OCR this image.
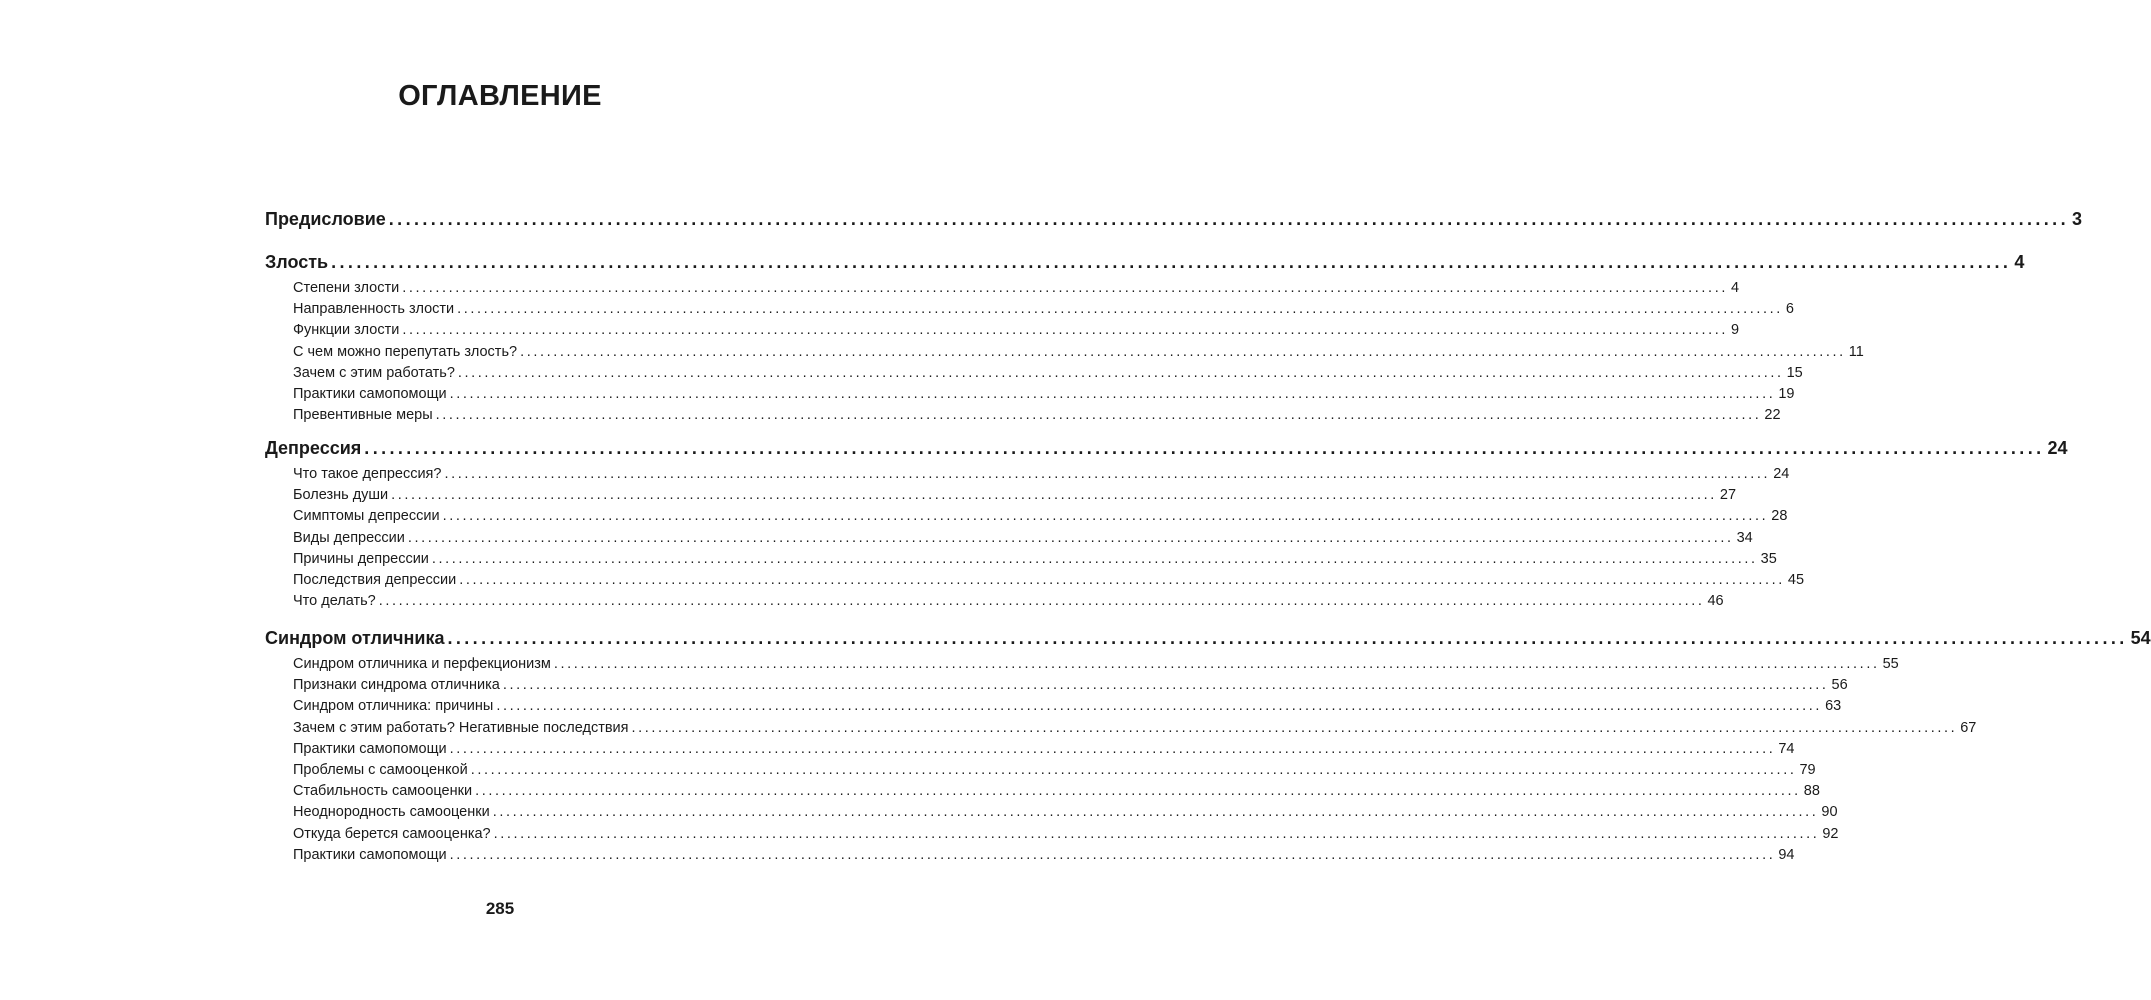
ОГЛАВЛЕНИЕ
Предисловие ........................................................................................................................................................................................................ 3
Злость ........................................................................................................................................................................................................ 4
Степени злости ........................................................................................................................................................................................................ 4
Направленность злости ........................................................................................................................................................................................................ 6
Функции злости ........................................................................................................................................................................................................ 9
С чем можно перепутать злость? ........................................................................................................................................................................................................ 11
Зачем с этим работать? ........................................................................................................................................................................................................ 15
Практики самопомощи ........................................................................................................................................................................................................ 19
Превентивные меры ........................................................................................................................................................................................................ 22
Депрессия ........................................................................................................................................................................................................ 24
Что такое депрессия? ........................................................................................................................................................................................................ 24
Болезнь души ........................................................................................................................................................................................................ 27
Симптомы депрессии ........................................................................................................................................................................................................ 28
Виды депрессии ........................................................................................................................................................................................................ 34
Причины депрессии ........................................................................................................................................................................................................ 35
Последствия депрессии ........................................................................................................................................................................................................ 45
Что делать? ........................................................................................................................................................................................................ 46
Синдром отличника ........................................................................................................................................................................................................ 54
Синдром отличника и перфекционизм ........................................................................................................................................................................................................ 55
Признаки синдрома отличника ........................................................................................................................................................................................................ 56
Синдром отличника: причины ........................................................................................................................................................................................................ 63
Зачем с этим работать? Негативные последствия ........................................................................................................................................................................................................ 67
Практики самопомощи ........................................................................................................................................................................................................ 74
Проблемы с самооценкой ........................................................................................................................................................................................................ 79
Стабильность самооценки ........................................................................................................................................................................................................ 88
Неоднородность самооценки ........................................................................................................................................................................................................ 90
Откуда берется самооценка? ........................................................................................................................................................................................................ 92
Практики самопомощи ........................................................................................................................................................................................................ 94
285
